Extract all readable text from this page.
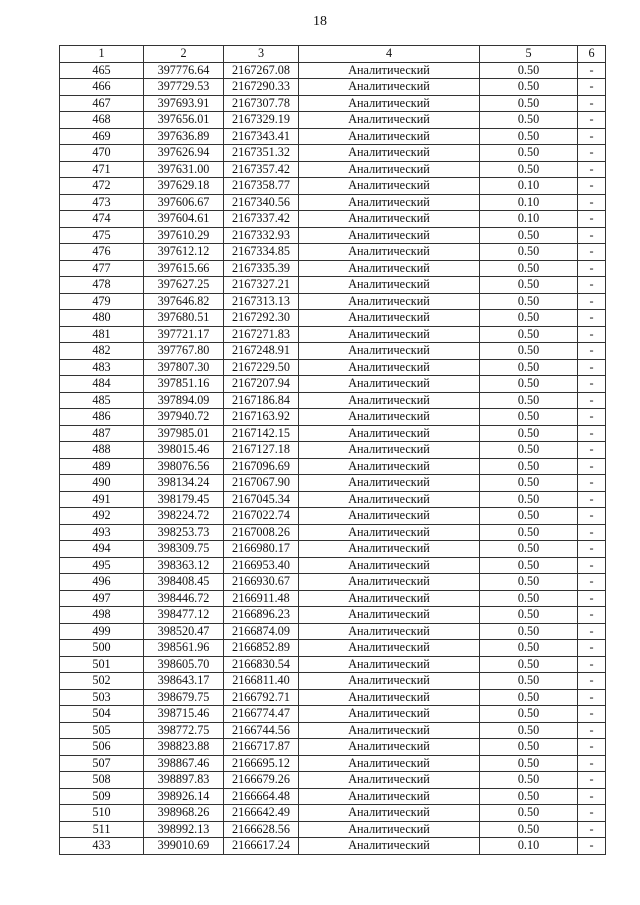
18
1	2	3	4	5	6
465	397776.64	2167267.08	Аналитический	0.50	-
466	397729.53	2167290.33	Аналитический	0.50	-
467	397693.91	2167307.78	Аналитический	0.50	-
468	397656.01	2167329.19	Аналитический	0.50	-
469	397636.89	2167343.41	Аналитический	0.50	-
470	397626.94	2167351.32	Аналитический	0.50	-
471	397631.00	2167357.42	Аналитический	0.50	-
472	397629.18	2167358.77	Аналитический	0.10	-
473	397606.67	2167340.56	Аналитический	0.10	-
474	397604.61	2167337.42	Аналитический	0.10	-
475	397610.29	2167332.93	Аналитический	0.50	-
476	397612.12	2167334.85	Аналитический	0.50	-
477	397615.66	2167335.39	Аналитический	0.50	-
478	397627.25	2167327.21	Аналитический	0.50	-
479	397646.82	2167313.13	Аналитический	0.50	-
480	397680.51	2167292.30	Аналитический	0.50	-
481	397721.17	2167271.83	Аналитический	0.50	-
482	397767.80	2167248.91	Аналитический	0.50	-
483	397807.30	2167229.50	Аналитический	0.50	-
484	397851.16	2167207.94	Аналитический	0.50	-
485	397894.09	2167186.84	Аналитический	0.50	-
486	397940.72	2167163.92	Аналитический	0.50	-
487	397985.01	2167142.15	Аналитический	0.50	-
488	398015.46	2167127.18	Аналитический	0.50	-
489	398076.56	2167096.69	Аналитический	0.50	-
490	398134.24	2167067.90	Аналитический	0.50	-
491	398179.45	2167045.34	Аналитический	0.50	-
492	398224.72	2167022.74	Аналитический	0.50	-
493	398253.73	2167008.26	Аналитический	0.50	-
494	398309.75	2166980.17	Аналитический	0.50	-
495	398363.12	2166953.40	Аналитический	0.50	-
496	398408.45	2166930.67	Аналитический	0.50	-
497	398446.72	2166911.48	Аналитический	0.50	-
498	398477.12	2166896.23	Аналитический	0.50	-
499	398520.47	2166874.09	Аналитический	0.50	-
500	398561.96	2166852.89	Аналитический	0.50	-
501	398605.70	2166830.54	Аналитический	0.50	-
502	398643.17	2166811.40	Аналитический	0.50	-
503	398679.75	2166792.71	Аналитический	0.50	-
504	398715.46	2166774.47	Аналитический	0.50	-
505	398772.75	2166744.56	Аналитический	0.50	-
506	398823.88	2166717.87	Аналитический	0.50	-
507	398867.46	2166695.12	Аналитический	0.50	-
508	398897.83	2166679.26	Аналитический	0.50	-
509	398926.14	2166664.48	Аналитический	0.50	-
510	398968.26	2166642.49	Аналитический	0.50	-
511	398992.13	2166628.56	Аналитический	0.50	-
433	399010.69	2166617.24	Аналитический	0.10	-
